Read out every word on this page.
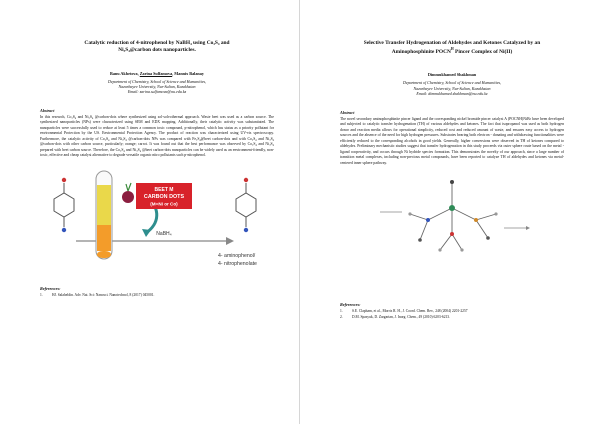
Catalytic reduction of 4-nitrophenol by NaBH₄ using Co₃S₄ and
Ni₃S₄@carbon dots nanoparticles.
Banu Akhetova, Zarina Sulfamova, Mannix Balanay
Department of Chemistry, School of Science and Humanities,
Nazarbayev University, Nur-Sultan, Kazakhstan
Email: zarina.sulfamova@nu.edu.kz
Abstract
In this research, Co₃S₄ and Ni₃S₄ @carbon-dots where synthesized using sol-solvothermal approach. Waste beet was used as a carbon source. The synthesized nanoparticles (NPs) were characterized using SEM and EDX mapping. Additionally, their catalytic activity was substantiated. The nanoparticles were successfully used to reduce at least 5 times a common toxic compound, p-nitrophenol, which has status as a priority pollutant for environmental Protection by the US. Environmental Protection Agency. The product of reaction was characterized using UV-vis spectroscopy. Furthermore, the catalytic activity of Co₃S₄ and Ni₃S₄ @carbon-dots NPs was compared with Fe₃S₄@beet carbon-dots and with Co₃S₄ and Ni₃S₄ @carbon-dots with other carbon source, particularly; orange; carrot. It was found out that the best performance was observed by Co₃S₄ and Ni₃S₄ prepared with beet carbon source. Therefore, the Co₃S₄ and Ni₃S₄ @beet carbon-dots nanoparticles can be widely used as an environment-friendly, non-toxic, effective and cheap catalyst alternative to degrade versatile organic nitro pollutants such p-nitrophenol.
BEET M
CARBON DOTS
(M=Ni or Co)
NaBH₄
4- aminophenol/
4- nitrophenolate
References:
1.	HJ. Salaheldin. Adv. Nat. Sci: Nanosci. Nanotechnol, 8 (2017) 045001.
Selective Transfer Hydrogenation of Aldehydes and Ketones Catalyzed by an
Aminophosphinite $POCN^H$ Pincer Complex of Ni(II)
Dimmukhamed Shakhman
Department of Chemistry, School of Science and Humanities,
Nazarbayev University, Nur-Sultan, Kazakhstan
Email: dimmukhamed.shakhman@nu.edu.kz
Abstract
The novel secondary aminophosphinite pincer ligand and the corresponding nickel bromide pincer catalyst A (POCNH)NiBr have been developed and subjected to catalytic transfer hydrogenation (TH) of various aldehydes and ketones. The fact that isopropanol was used as both hydrogen donor and reaction media allows for operational simplicity, reduced cost and reduced amount of waste, and ensures easy access to hydrogen sources and the absence of the need for high hydrogen pressures. Substrates bearing both electron - donating and withdrawing functionalities were efficiently reduced to the corresponding alcohols in good yields. Generally, higher conversions were observed in TH of ketones compared to aldehydes. Preliminary mechanistic studies suggest that transfer hydrogenation in this study proceeds via outer sphere route based on the metal - ligand cooperativity, and occurs through Ni hydride species formation. This demonstrates the novelty of our approach, since a large number of transition metal complexes, including non-precious metal compounds, have been reported to catalyze TH of aldehydes and ketones via metal-centered inner sphere pathway.
References:
1.	S.E. Clapham, et al., Morris R. H., J. Coord. Chem. Rev., 248 (2004) 2201-2257
2.	D.M. Spasyuk, D. Zargarian, J. Inorg. Chem., 49 (2010) 6203-6213.
